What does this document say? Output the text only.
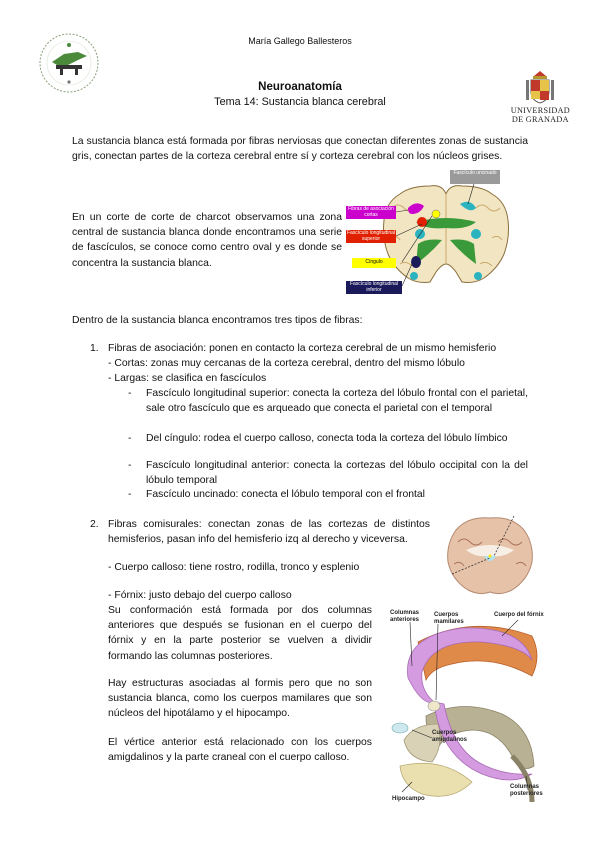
María Gallego Ballesteros
UNIVERSIDAD
DE GRANADA
Neuroanatomía
Tema 14: Sustancia blanca cerebral
La sustancia blanca está formada por fibras nerviosas que conectan diferentes zonas de sustancia gris, conectan partes de la corteza cerebral entre sí y corteza cerebral con los núcleos grises.
En un corte de corte de charcot observamos una zona central de sustancia blanca donde encontramos una serie de fascículos, se conoce como centro oval y es donde se concentra la sustancia blanca.
Fascículo uncinado
Fibras de asociación cortas
Fascículo longitudinal superior
Cíngulo
Fascículo longitudinal inferior
Dentro de la sustancia blanca encontramos tres tipos de fibras:
1. Fibras de asociación: ponen en contacto la corteza cerebral de un mismo hemisferio
- Cortas: zonas muy cercanas de la corteza cerebral, dentro del mismo lóbulo
- Largas: se clasifica en fascículos
- Fascículo longitudinal superior: conecta la corteza del lóbulo frontal con el parietal, sale otro fascículo que es arqueado que conecta el parietal con el temporal
- Del cíngulo: rodea el cuerpo calloso, conecta toda la corteza del lóbulo límbico
- Fascículo longitudinal anterior: conecta la cortezas del lóbulo occipital con la del lóbulo temporal
- Fascículo uncinado: conecta el lóbulo temporal con el frontal
2. Fibras comisurales: conectan zonas de las cortezas de distintos hemisferios, pasan info del hemisferio izq al derecho y viceversa.
- Cuerpo calloso: tiene rostro, rodilla, tronco y esplenio
- Fórnix: justo debajo del cuerpo calloso
Su conformación está formada por dos columnas anteriores que después se fusionan en el cuerpo del fórnix y en la parte posterior se vuelven a dividir formando las columnas posteriores.
Hay estructuras asociadas al formis pero que no son sustancia blanca, como los cuerpos mamilares que son núcleos del hipotálamo y el hipocampo.
El vértice anterior está relacionado con los cuerpos amigdalinos y la parte craneal con el cuerpo calloso.
Columnas anteriores
Cuerpos mamilares
Cuerpo del fórnix
Cuerpos amigdalinos
Hipocampo
Columnas posteriores
